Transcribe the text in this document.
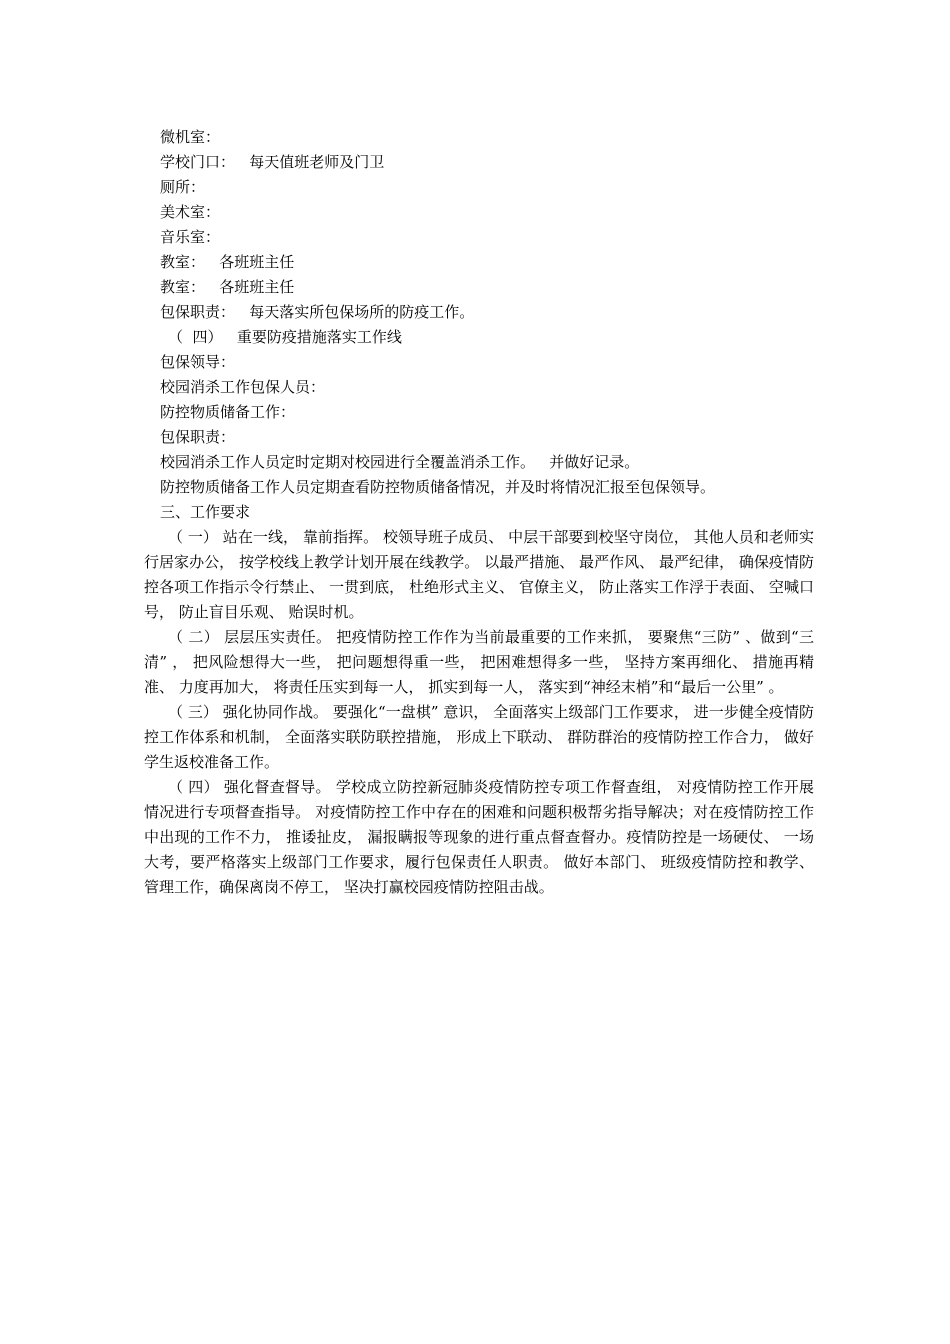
微机室：
学校门口：   每天值班老师及门卫
厕所：
美术室：
音乐室：
教室：   各班班主任
教室：   各班班主任
包保职责：   每天落实所包保场所的防疫工作。
（  四）   重要防疫措施落实工作线
包保领导：
校园消杀工作包保人员：
防控物质储备工作：
包保职责：
校园消杀工作人员定时定期对校园进行全覆盖消杀工作。   并做好记录。
防控物质储备工作人员定期查看防控物质储备情况，并及时将情况汇报至包保领导。
三、工作要求
（ 一） 站在一线， 靠前指挥。 校领导班子成员、 中层干部要到校坚守岗位， 其他人员和老师实行居家办公， 按学校线上教学计划开展在线教学。 以最严措施、 最严作风、 最严纪律， 确保疫情防控各项工作指示令行禁止、 一贯到底， 杜绝形式主义、 官僚主义， 防止落实工作浮于表面、 空喊口号， 防止盲目乐观、 贻误时机。
（ 二） 层层压实责任。 把疫情防控工作作为当前最重要的工作来抓， 要聚焦“三防” 、做到“三清” ， 把风险想得大一些， 把问题想得重一些， 把困难想得多一些， 坚持方案再细化、 措施再精准、 力度再加大， 将责任压实到每一人， 抓实到每一人， 落实到“神经末梢”和“最后一公里” 。
（ 三） 强化协同作战。 要强化“一盘棋” 意识， 全面落实上级部门工作要求， 进一步健全疫情防控工作体系和机制， 全面落实联防联控措施， 形成上下联动、 群防群治的疫情防控工作合力， 做好学生返校准备工作。
（ 四） 强化督查督导。 学校成立防控新冠肺炎疫情防控专项工作督查组， 对疫情防控工作开展情况进行专项督查指导。 对疫情防控工作中存在的困难和问题积极帮劣指导解决；对在疫情防控工作中出现的工作不力， 推诿扯皮， 漏报瞒报等现象的进行重点督查督办。疫情防控是一场硬仗、 一场大考，要严格落实上级部门工作要求，履行包保责任人职责。 做好本部门、 班级疫情防控和教学、 管理工作，确保离岗不停工， 坚决打赢校园疫情防控阻击战。
